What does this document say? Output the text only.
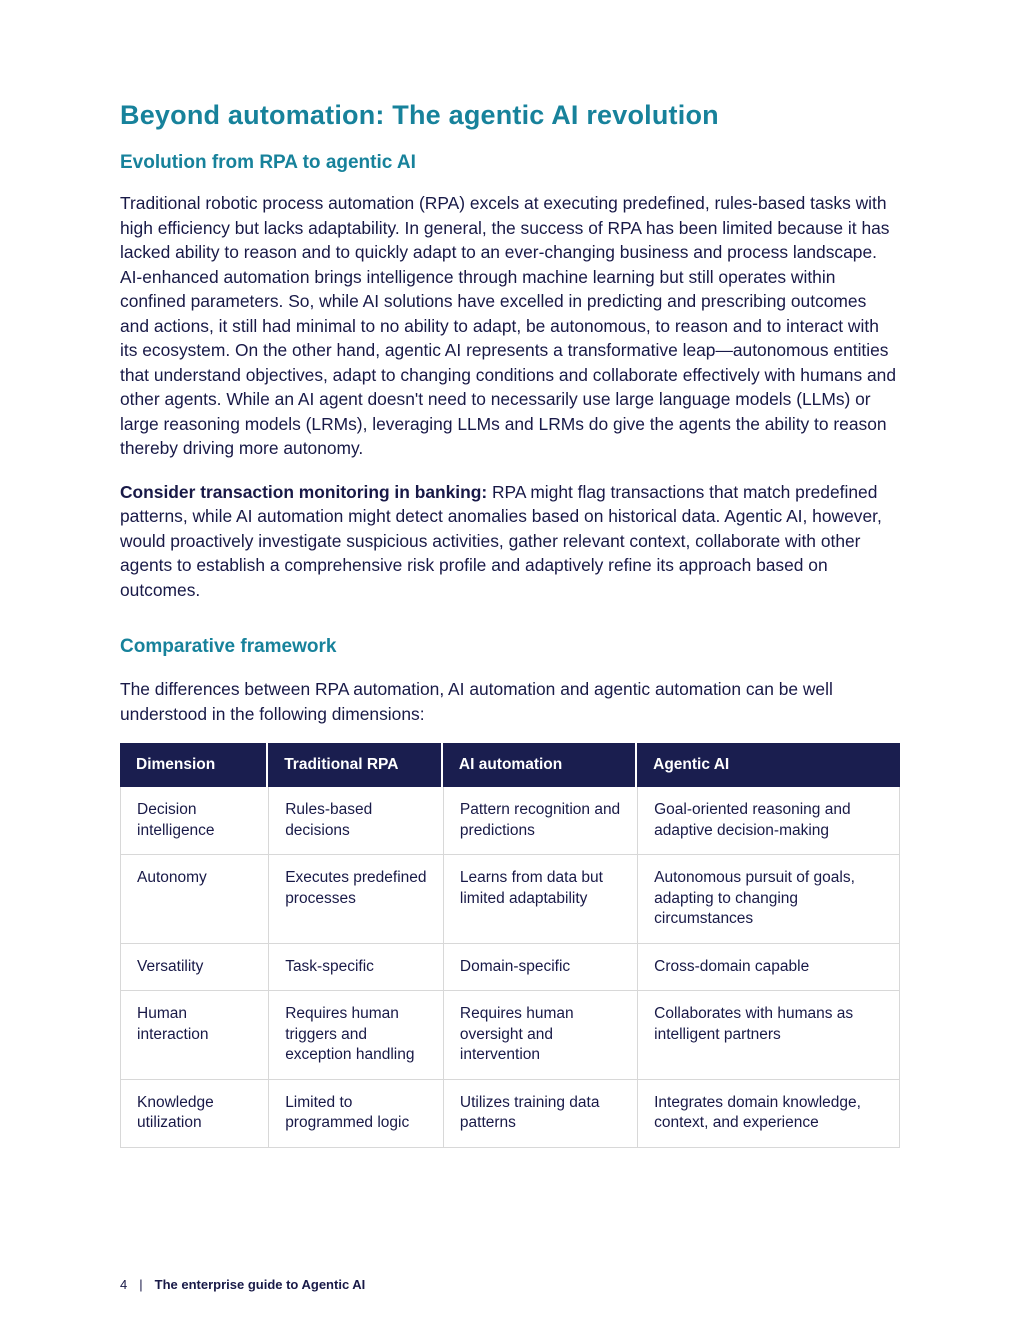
Beyond automation: The agentic AI revolution
Evolution from RPA to agentic AI

Traditional robotic process automation (RPA) excels at executing predefined, rules-based tasks with high efficiency but lacks adaptability. In general, the success of RPA has been limited because it has lacked ability to reason and to quickly adapt to an ever-changing business and process landscape. AI-enhanced automation brings intelligence through machine learning but still operates within confined parameters. So, while AI solutions have excelled in predicting and prescribing outcomes and actions, it still had minimal to no ability to adapt, be autonomous, to reason and to interact with its ecosystem. On the other hand, agentic AI represents a transformative leap—autonomous entities that understand objectives, adapt to changing conditions and collaborate effectively with humans and other agents. While an AI agent doesn't need to necessarily use large language models (LLMs) or large reasoning models (LRMs), leveraging LLMs and LRMs do give the agents the ability to reason thereby driving more autonomy.

Consider transaction monitoring in banking: RPA might flag transactions that match predefined patterns, while AI automation might detect anomalies based on historical data. Agentic AI, however, would proactively investigate suspicious activities, gather relevant context, collaborate with other agents to establish a comprehensive risk profile and adaptively refine its approach based on outcomes.

Comparative framework

The differences between RPA automation, AI automation and agentic automation can be well understood in the following dimensions:

Dimension	Traditional RPA	AI automation	Agentic AI
Decision intelligence	Rules-based decisions	Pattern recognition and predictions	Goal-oriented reasoning and adaptive decision-making
Autonomy	Executes predefined processes	Learns from data but limited adaptability	Autonomous pursuit of goals, adapting to changing circumstances
Versatility	Task-specific	Domain-specific	Cross-domain capable
Human interaction	Requires human triggers and exception handling	Requires human oversight and intervention	Collaborates with humans as intelligent partners
Knowledge utilization	Limited to programmed logic	Utilizes training data patterns	Integrates domain knowledge, context, and experience
4 | The enterprise guide to Agentic AI
